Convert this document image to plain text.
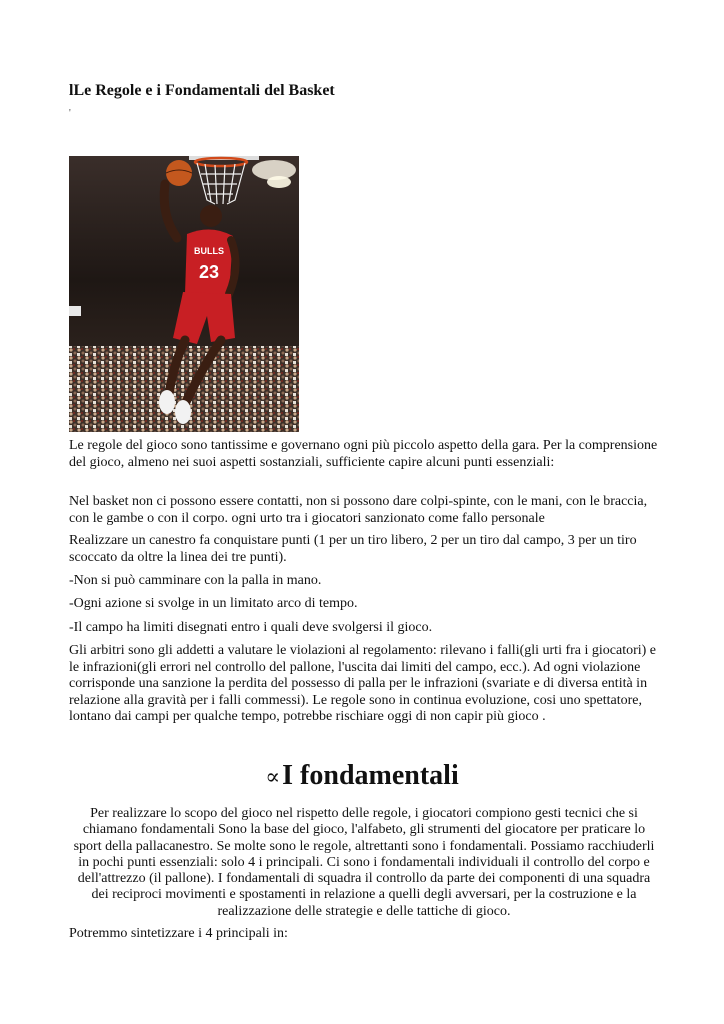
lLe Regole e i Fondamentali del Basket
'
23
BULLS

Le regole del gioco sono tantissime e governano ogni più piccolo aspetto della gara. Per la comprensione del gioco, almeno nei suoi aspetti sostanziali, sufficiente capire alcuni punti essenziali:

Nel basket non ci possono essere contatti, non si possono dare colpi-spinte, con le mani, con le braccia, con le gambe o con il corpo. ogni urto tra i giocatori sanzionato come fallo personale

Realizzare un canestro fa conquistare punti (1 per un tiro libero, 2 per un tiro dal campo, 3 per un tiro scoccato da oltre la linea dei tre punti).

-Non si può camminare con la palla in mano.

-Ogni azione si svolge in un limitato arco di tempo.

-Il campo ha limiti disegnati entro i quali deve svolgersi il gioco.

Gli arbitri sono gli addetti a valutare le violazioni al regolamento: rilevano i falli(gli urti fra i giocatori) e le infrazioni(gli errori nel controllo del pallone, l'uscita dai limiti del campo, ecc.). Ad ogni violazione corrisponde una sanzione la perdita del possesso di palla per le infrazioni (svariate e di diversa entità in relazione alla gravità per i falli commessi). Le regole sono in continua evoluzione, cosi uno spettatore, lontano dai campi per qualche tempo, potrebbe rischiare oggi di non capir più gioco .

∝I fondamentali

Per realizzare lo scopo del gioco nel rispetto delle regole, i giocatori compiono gesti tecnici che si chiamano fondamentali Sono la base del gioco, l'alfabeto, gli strumenti del giocatore per praticare lo sport della pallacanestro. Se molte sono le regole, altrettanti sono i fondamentali. Possiamo racchiuderli in pochi punti essenziali: solo 4 i principali. Ci sono i fondamentali individuali il controllo del corpo e dell'attrezzo (il pallone). I fondamentali di squadra il controllo da parte dei componenti di una squadra dei reciproci movimenti e spostamenti in relazione a quelli degli avversari, per la costruzione e la realizzazione delle strategie e delle tattiche di gioco.

Potremmo sintetizzare i 4 principali in:
